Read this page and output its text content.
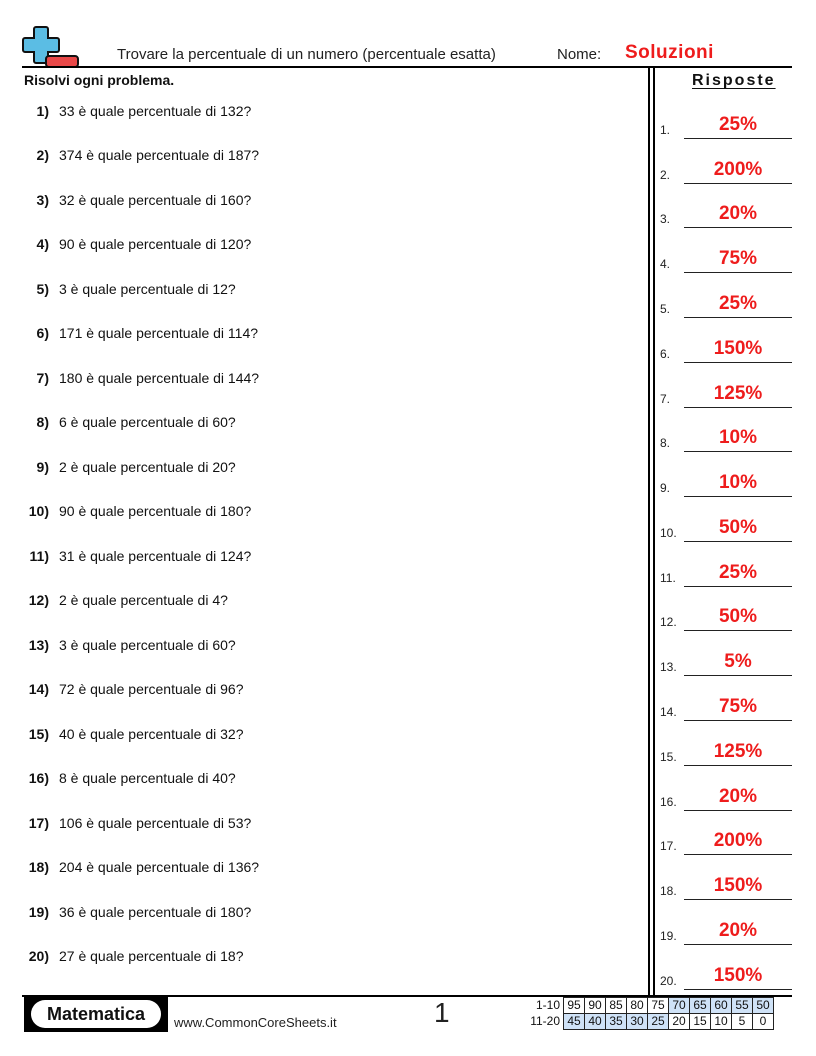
Trovare la percentuale di un numero (percentuale esatta)	Nome: Soluzioni
Risolvi ogni problema.	Risposte
1) 33 è quale percentuale di 132?
2) 374 è quale percentuale di 187?
3) 32 è quale percentuale di 160?
4) 90 è quale percentuale di 120?
5) 3 è quale percentuale di 12?
6) 171 è quale percentuale di 114?
7) 180 è quale percentuale di 144?
8) 6 è quale percentuale di 60?
9) 2 è quale percentuale di 20?
10) 90 è quale percentuale di 180?
11) 31 è quale percentuale di 124?
12) 2 è quale percentuale di 4?
13) 3 è quale percentuale di 60?
14) 72 è quale percentuale di 96?
15) 40 è quale percentuale di 32?
16) 8 è quale percentuale di 40?
17) 106 è quale percentuale di 53?
18) 204 è quale percentuale di 136?
19) 36 è quale percentuale di 180?
20) 27 è quale percentuale di 18?
1.	25%
2.	200%
3.	20%
4.	75%
5.	25%
6.	150%
7.	125%
8.	10%
9.	10%
10.	50%
11.	25%
12.	50%
13.	5%
14.	75%
15.	125%
16.	20%
17.	200%
18.	150%
19.	20%
20.	150%
Matematica	www.CommonCoreSheets.it	1	1-10	95	90	85	80	75	70	65	60	55	50
11-20	45	40	35	30	25	20	15	10	5	0
